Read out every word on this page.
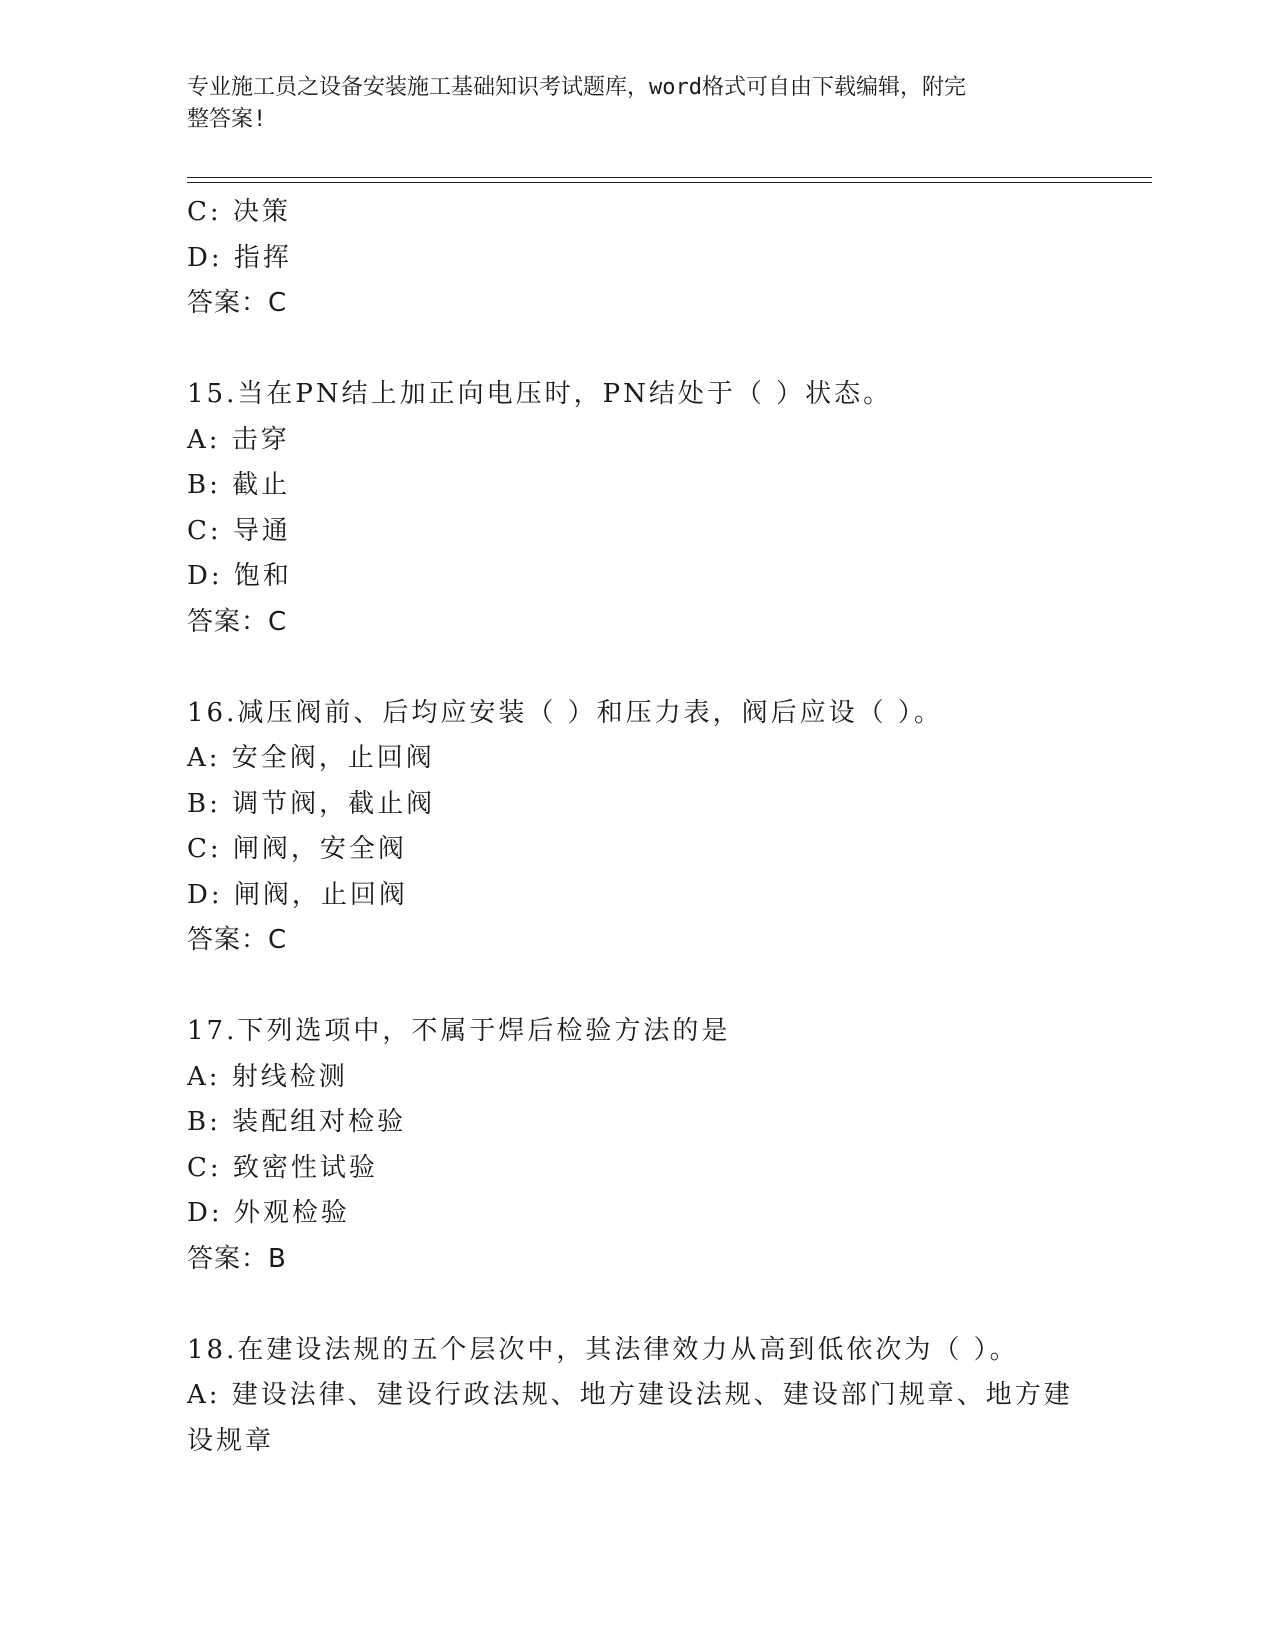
专业施工员之设备安装施工基础知识考试题库，word格式可自由下载编辑，附完
整答案!
C: 决策
D: 指挥
答案：C
15.当在PN结上加正向电压时，PN结处于（ ）状态。
A: 击穿
B: 截止
C: 导通
D: 饱和
答案：C
16.减压阀前、后均应安装（ ）和压力表，阀后应设（ ）。
A: 安全阀，止回阀
B: 调节阀，截止阀
C: 闸阀，安全阀
D: 闸阀，止回阀
答案：C
17.下列选项中，不属于焊后检验方法的是
A: 射线检测
B: 装配组对检验
C: 致密性试验
D: 外观检验
答案：B
18.在建设法规的五个层次中，其法律效力从高到低依次为（ ）。
A: 建设法律、建设行政法规、地方建设法规、建设部门规章、地方建
设规章
